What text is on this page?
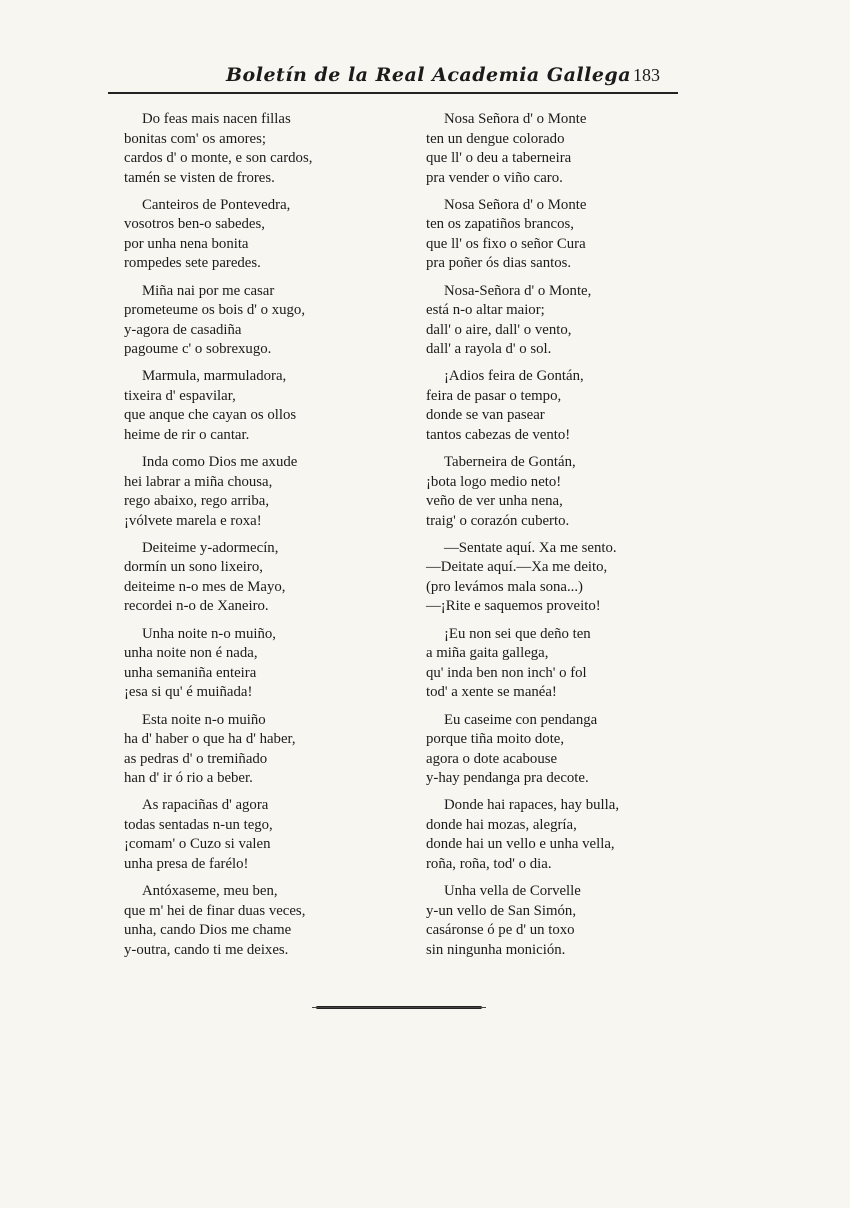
Boletín de la Real Academia Gallega 183
Do feas mais nacen fillas
bonitas com' os amores;
cardos d' o monte, e son cardos,
tamén se visten de frores.
Canteiros de Pontevedra,
vosotros ben-o sabedes,
por unha nena bonita
rompedes sete paredes.
Miña nai por me casar
prometeume os bois d' o xugo,
y-agora de casadiña
pagoume c' o sobrexugo.
Marmula, marmuladora,
tixeira d' espavilar,
que anque che cayan os ollos
heime de rir o cantar.
Inda como Dios me axude
hei labrar a miña chousa,
rego abaixo, rego arriba,
¡vólvete marela e roxa!
Deiteime y-adormecín,
dormín un sono lixeiro,
deiteime n-o mes de Mayo,
recordei n-o de Xaneiro.
Unha noite n-o muiño,
unha noite non é nada,
unha semaniña enteira
¡esa si qu' é muiñada!
Esta noite n-o muiño
ha d' haber o que ha d' haber,
as pedras d' o tremiñado
han d' ir ó rio a beber.
As rapaciñas d' agora
todas sentadas n-un tego,
¡comam' o Cuzo si valen
unha presa de farélo!
Antóxaseme, meu ben,
que m' hei de finar duas veces,
unha, cando Dios me chame
y-outra, cando ti me deixes.
Nosa Señora d' o Monte
ten un dengue colorado
que ll' o deu a taberneira
pra vender o viño caro.
Nosa Señora d' o Monte
ten os zapatiños brancos,
que ll' os fixo o señor Cura
pra poñer ós dias santos.
Nosa-Señora d' o Monte,
está n-o altar maior;
dall' o aire, dall' o vento,
dall' a rayola d' o sol.
¡Adios feira de Gontán,
feira de pasar o tempo,
donde se van pasear
tantos cabezas de vento!
Taberneira de Gontán,
¡bota logo medio neto!
veño de ver unha nena,
traig' o corazón cuberto.
—Sentate aquí. Xa me sento.
—Deitate aquí.—Xa me deito,
(pro levámos mala sona...)
—¡Rite e saquemos proveito!
¡Eu non sei que deño ten
a miña gaita gallega,
qu' inda ben non inch' o fol
tod' a xente se manéa!
Eu caseime con pendanga
porque tiña moito dote,
agora o dote acabouse
y-hay pendanga pra decote.
Donde hai rapaces, hay bulla,
donde hai mozas, alegría,
donde hai un vello e unha vella,
roña, roña, tod' o dia.
Unha vella de Corvelle
y-un vello de San Simón,
casáronse ó pe d' un toxo
sin ningunha monición.
